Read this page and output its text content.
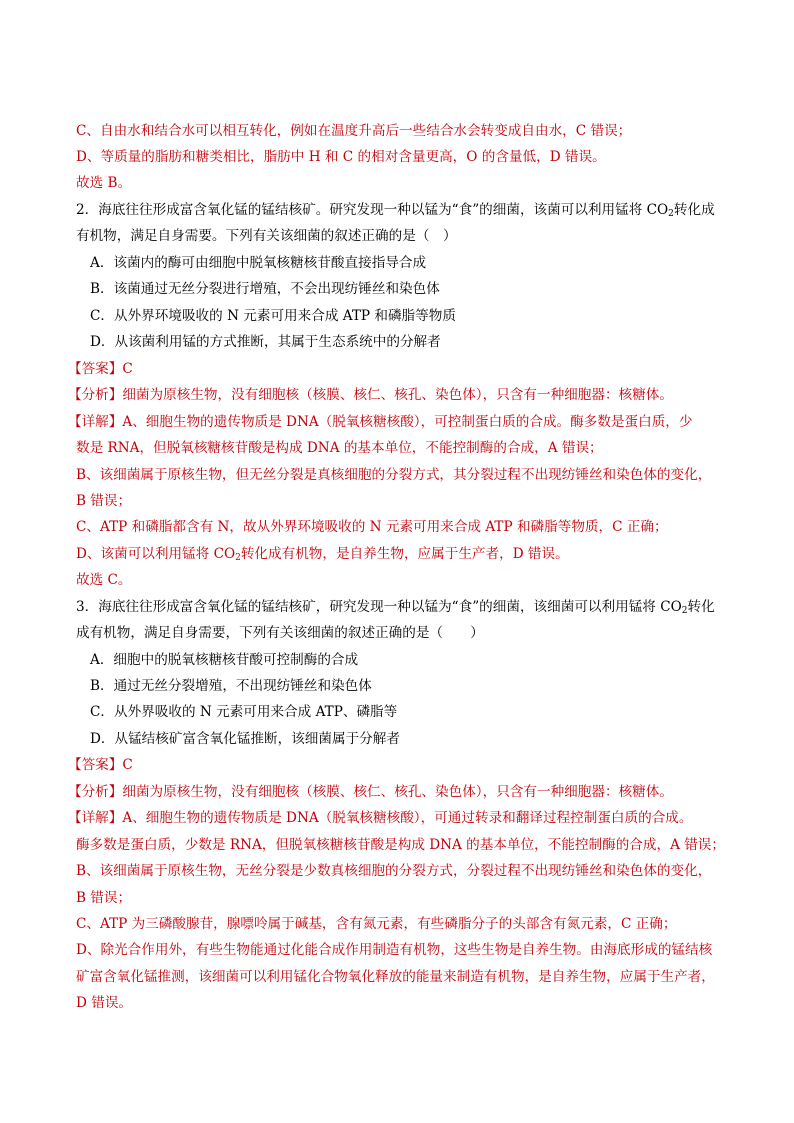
C、自由水和结合水可以相互转化，例如在温度升高后一些结合水会转变成自由水，C 错误；
D、等质量的脂肪和糖类相比，脂肪中 H 和 C 的相对含量更高，O 的含量低，D 错误。
故选 B。
2．海底往往形成富含氧化锰的锰结核矿。研究发现一种以锰为“食”的细菌，该菌可以利用锰将 $CO_2$转化成
有机物，满足自身需要。下列有关该细菌的叙述正确的是（　）
A．该菌内的酶可由细胞中脱氧核糖核苷酸直接指导合成
B．该菌通过无丝分裂进行增殖，不会出现纺锤丝和染色体
C．从外界环境吸收的 N 元素可用来合成 ATP 和磷脂等物质
D．从该菌利用锰的方式推断，其属于生态系统中的分解者
【答案】C
【分析】细菌为原核生物，没有细胞核（核膜、核仁、核孔、染色体），只含有一种细胞器：核糖体。
【详解】A、细胞生物的遗传物质是 DNA（脱氧核糖核酸），可控制蛋白质的合成。酶多数是蛋白质，少
数是 RNA，但脱氧核糖核苷酸是构成 DNA 的基本单位，不能控制酶的合成，A 错误；
B、该细菌属于原核生物，但无丝分裂是真核细胞的分裂方式，其分裂过程不出现纺锤丝和染色体的变化，
B 错误；
C、ATP 和磷脂都含有 N，故从外界环境吸收的 N 元素可用来合成 ATP 和磷脂等物质，C 正确；
D、该菌可以利用锰将 $CO_2$转化成有机物，是自养生物，应属于生产者，D 错误。
故选 C。
3．海底往往形成富含氧化锰的锰结核矿，研究发现一种以锰为“食”的细菌，该细菌可以利用锰将 $CO_2$转化
成有机物，满足自身需要，下列有关该细菌的叙述正确的是（　　）
A．细胞中的脱氧核糖核苷酸可控制酶的合成
B．通过无丝分裂增殖，不出现纺锤丝和染色体
C．从外界吸收的 N 元素可用来合成 ATP、磷脂等
D．从锰结核矿富含氧化锰推断，该细菌属于分解者
【答案】C
【分析】细菌为原核生物，没有细胞核（核膜、核仁、核孔、染色体），只含有一种细胞器：核糖体。
【详解】A、细胞生物的遗传物质是 DNA（脱氧核糖核酸），可通过转录和翻译过程控制蛋白质的合成。
酶多数是蛋白质，少数是 RNA，但脱氧核糖核苷酸是构成 DNA 的基本单位，不能控制酶的合成，A 错误；
B、该细菌属于原核生物，无丝分裂是少数真核细胞的分裂方式，分裂过程不出现纺锤丝和染色体的变化，
B 错误；
C、ATP 为三磷酸腺苷，腺嘌呤属于碱基，含有氮元素，有些磷脂分子的头部含有氮元素，C 正确；
D、除光合作用外，有些生物能通过化能合成作用制造有机物，这些生物是自养生物。由海底形成的锰结核
矿富含氧化锰推测，该细菌可以利用锰化合物氧化释放的能量来制造有机物，是自养生物，应属于生产者，
D 错误。
